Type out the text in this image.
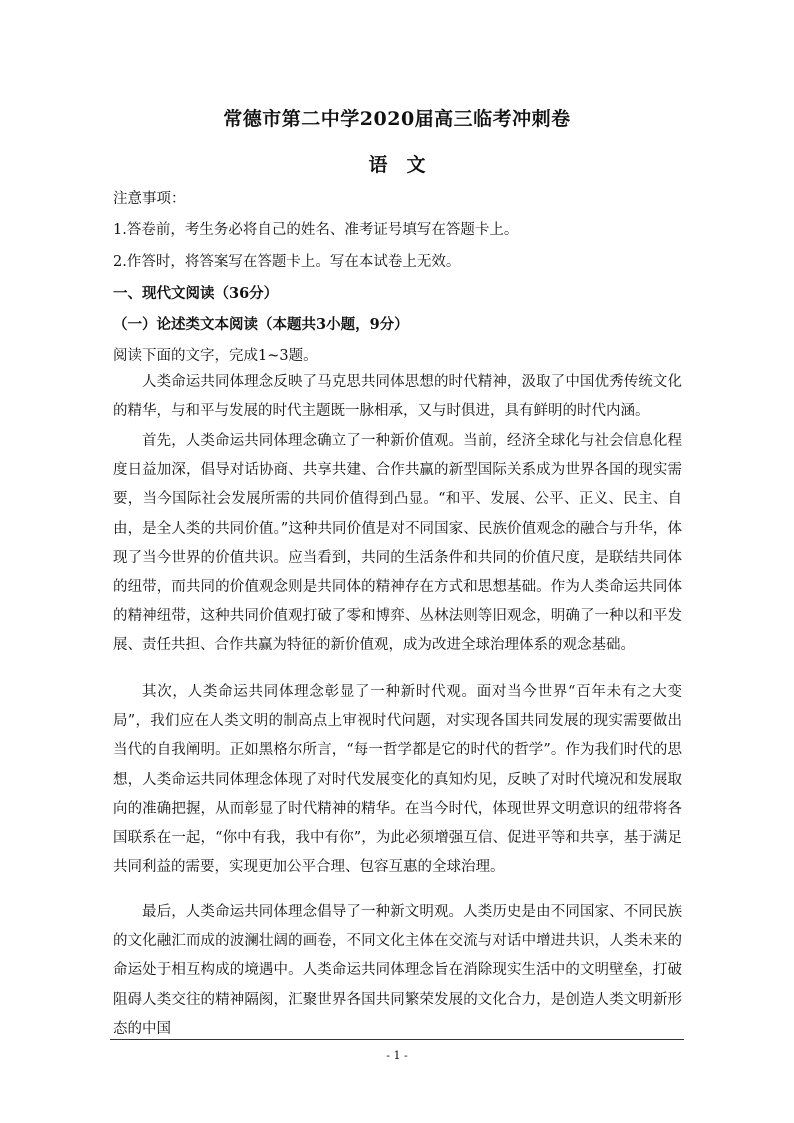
常德市第二中学2020届高三临考冲刺卷
语　文
注意事项：
1.答卷前，考生务必将自己的姓名、准考证号填写在答题卡上。
2.作答时，将答案写在答题卡上。写在本试卷上无效。
一、现代文阅读（36分）
（一）论述类文本阅读（本题共3小题，9分）
阅读下面的文字，完成1~3题。
人类命运共同体理念反映了马克思共同体思想的时代精神，汲取了中国优秀传统文化的精华，与和平与发展的时代主题既一脉相承，又与时俱进，具有鲜明的时代内涵。
首先，人类命运共同体理念确立了一种新价值观。当前，经济全球化与社会信息化程度日益加深，倡导对话协商、共享共建、合作共赢的新型国际关系成为世界各国的现实需要，当今国际社会发展所需的共同价值得到凸显。“和平、发展、公平、正义、民主、自由，是全人类的共同价值。”这种共同价值是对不同国家、民族价值观念的融合与升华，体现了当今世界的价值共识。应当看到，共同的生活条件和共同的价值尺度，是联结共同体的纽带，而共同的价值观念则是共同体的精神存在方式和思想基础。作为人类命运共同体的精神纽带，这种共同价值观打破了零和博弈、丛林法则等旧观念，明确了一种以和平发展、责任共担、合作共赢为特征的新价值观，成为改进全球治理体系的观念基础。
其次，人类命运共同体理念彰显了一种新时代观。面对当今世界“百年未有之大变局”，我们应在人类文明的制高点上审视时代问题，对实现各国共同发展的现实需要做出当代的自我阐明。正如黑格尔所言，“每一哲学都是它的时代的哲学”。作为我们时代的思想，人类命运共同体理念体现了对时代发展变化的真知灼见，反映了对时代境况和发展取向的准确把握，从而彰显了时代精神的精华。在当今时代，体现世界文明意识的纽带将各国联系在一起，“你中有我，我中有你”，为此必须增强互信、促进平等和共享，基于满足共同利益的需要，实现更加公平合理、包容互惠的全球治理。
最后，人类命运共同体理念倡导了一种新文明观。人类历史是由不同国家、不同民族的文化融汇而成的波澜壮阔的画卷，不同文化主体在交流与对话中增进共识，人类未来的命运处于相互构成的境遇中。人类命运共同体理念旨在消除现实生活中的文明壁垒，打破阻碍人类交往的精神隔阂，汇聚世界各国共同繁荣发展的文化合力，是创造人类文明新形态的中国
- 1 -
